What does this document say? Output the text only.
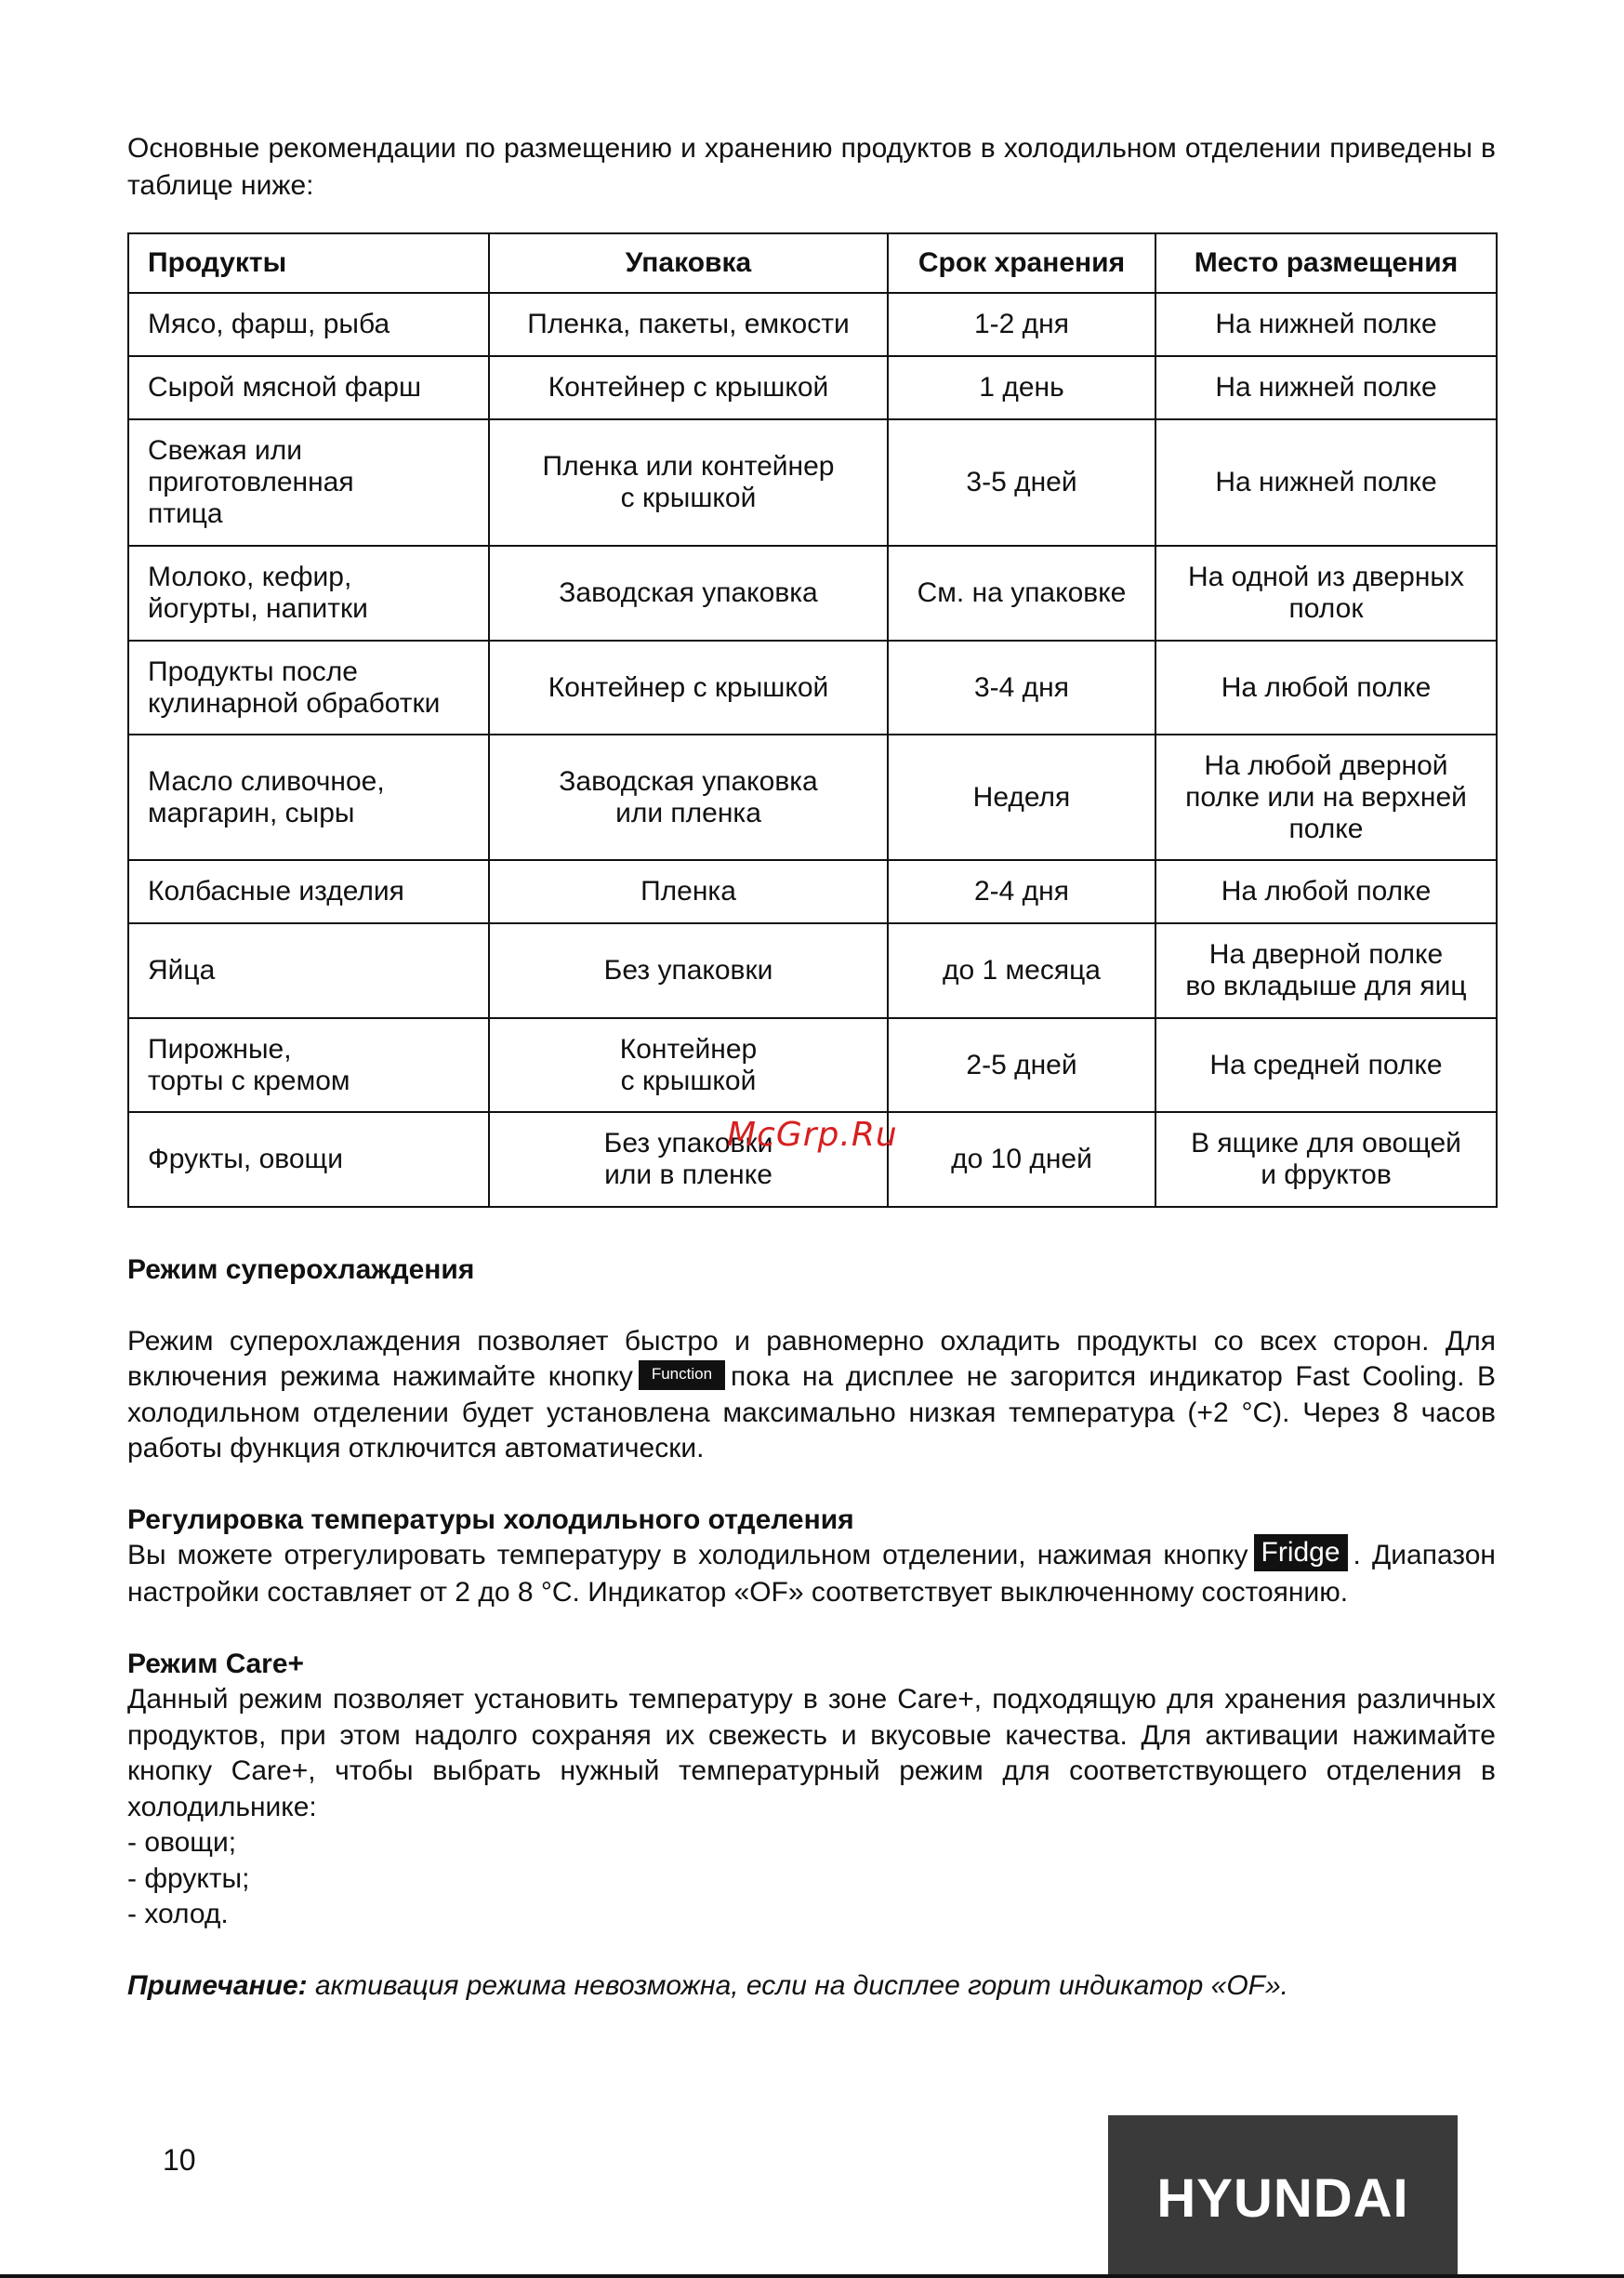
Основные рекомендации по размещению и хранению продуктов в холодильном отделении приведены в таблице ниже:

Продукты	Упаковка	Срок хранения	Место размещения
Мясо, фарш, рыба	Пленка, пакеты, емкости	1-2 дня	На нижней полке
Сырой мясной фарш	Контейнер с крышкой	1 день	На нижней полке
Свежая или
приготовленная
птица	Пленка или контейнер
с крышкой	3-5 дней	На нижней полке
Молоко, кефир,
йогурты, напитки	Заводская упаковка	См. на упаковке	На одной из дверных
полок
Продукты после
кулинарной обработки	Контейнер с крышкой	3-4 дня	На любой полке
Масло сливочное,
маргарин, сыры	Заводская упаковка
или пленка	Неделя	На любой дверной
полке или на верхней
полке
Колбасные изделия	Пленка	2-4 дня	На любой полке
Яйца	Без упаковки	до 1 месяца	На дверной полке
во вкладыше для яиц
Пирожные,
торты с кремом	Контейнер
с крышкой	2-5 дней	На средней полке
Фрукты, овощи	Без упаковки
или в пленке	до 10 дней	В ящике для овощей
и фруктов
Режим суперохлаждения
Режим суперохлаждения позволяет быстро и равномерно охладить продукты со всех сторон. Для включения режима нажимайте кнопку Function пока на дисплее не загорится индикатор Fast Cooling. В холодильном отделении будет установлена максимально низкая температура (+2 °С). Через 8 часов работы функция отключится автоматически.
Регулировка температуры холодильного отделения
Вы можете отрегулировать температуру в холодильном отделении, нажимая кнопку Fridge . Диапазон настройки составляет от 2 до 8 °С. Индикатор «OF» соответствует выключенному состоянию.
Режим Care+
Данный режим позволяет установить температуру в зоне Care+, подходящую для хранения различных продуктов, при этом надолго сохраняя их свежесть и вкусовые качества. Для активации нажимайте кнопку Care+, чтобы выбрать нужный температурный режим для соответствующего отделения в холодильнике:
- овощи;
- фрукты;
- холод.
Примечание: активация режима невозможна, если на дисплее горит индикатор «OF».
McGrp.Ru
10
HYUNDAI
